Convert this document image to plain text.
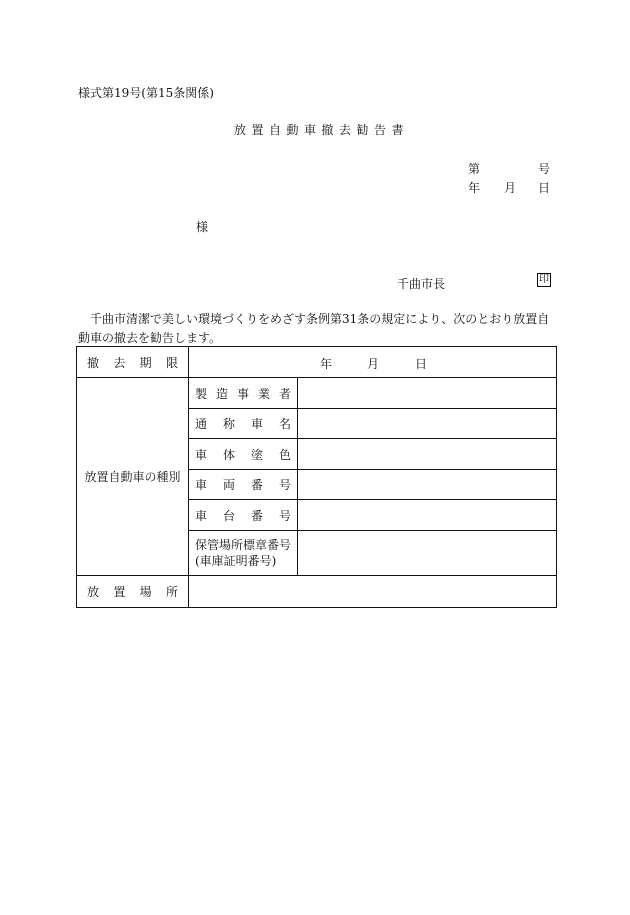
様式第19号(第15条関係)
放置自動車撤去勧告書
第	号
年 月 日
様
千曲市長	印

千曲市清潔で美しい環境づくりをめざす条例第31条の規定により、次のとおり放置自動車の撤去を勧告します。

撤去期限	年 月 日	

放置自動車の種別	製造事業者	
	通称車名	
	車体塗色	
	車両番号	
	車台番号	

	保管場所標章番号
(車庫証明番号)	

放置場所		
